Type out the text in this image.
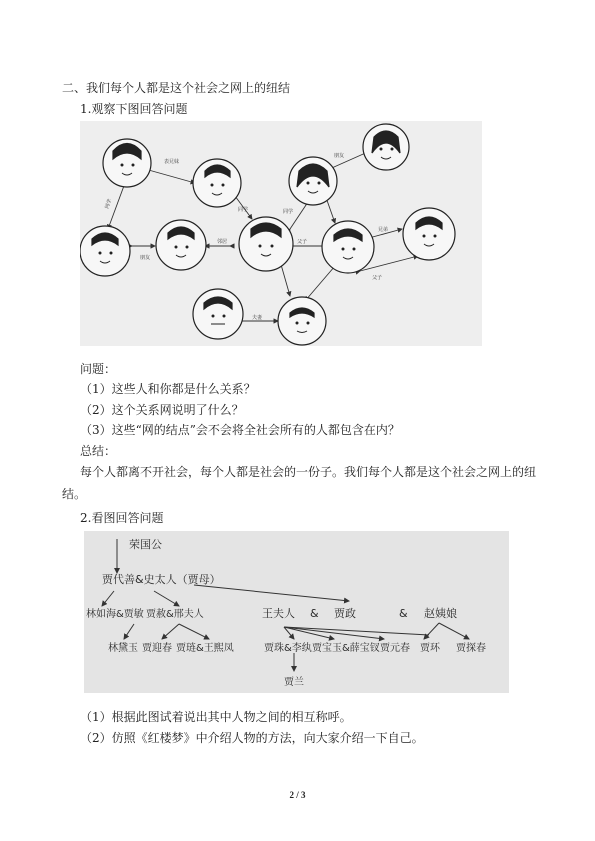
二、我们每个人都是这个社会之网上的纽结
1.观察下图回答问题
表兄妹
同学
同学
邻居
朋友
同学
朋友
父子
兄弟
夫妻
父子
问题：
（1）这些人和你都是什么关系？
（2）这个关系网说明了什么？
（3）这些“网的结点”会不会将全社会所有的人都包含在内？
总结：
每个人都离不开社会，每个人都是社会的一份子。我们每个人都是这个社会之网上的纽
结。
2.看图回答问题
荣国公
贾代善&史太人（贾母）
林如海&贾敏 贾赦&邢夫人	王夫人 & 贾政	& 赵姨娘
林黛玉 贾迎春 贾琏&王熙凤	贾珠&李纨 贾宝玉&薛宝钗 贾元春 贾环 贾探春
贾兰
（1）根据此图试着说出其中人物之间的相互称呼。
（2）仿照《红楼梦》中介绍人物的方法，向大家介绍一下自己。
2 / 3
